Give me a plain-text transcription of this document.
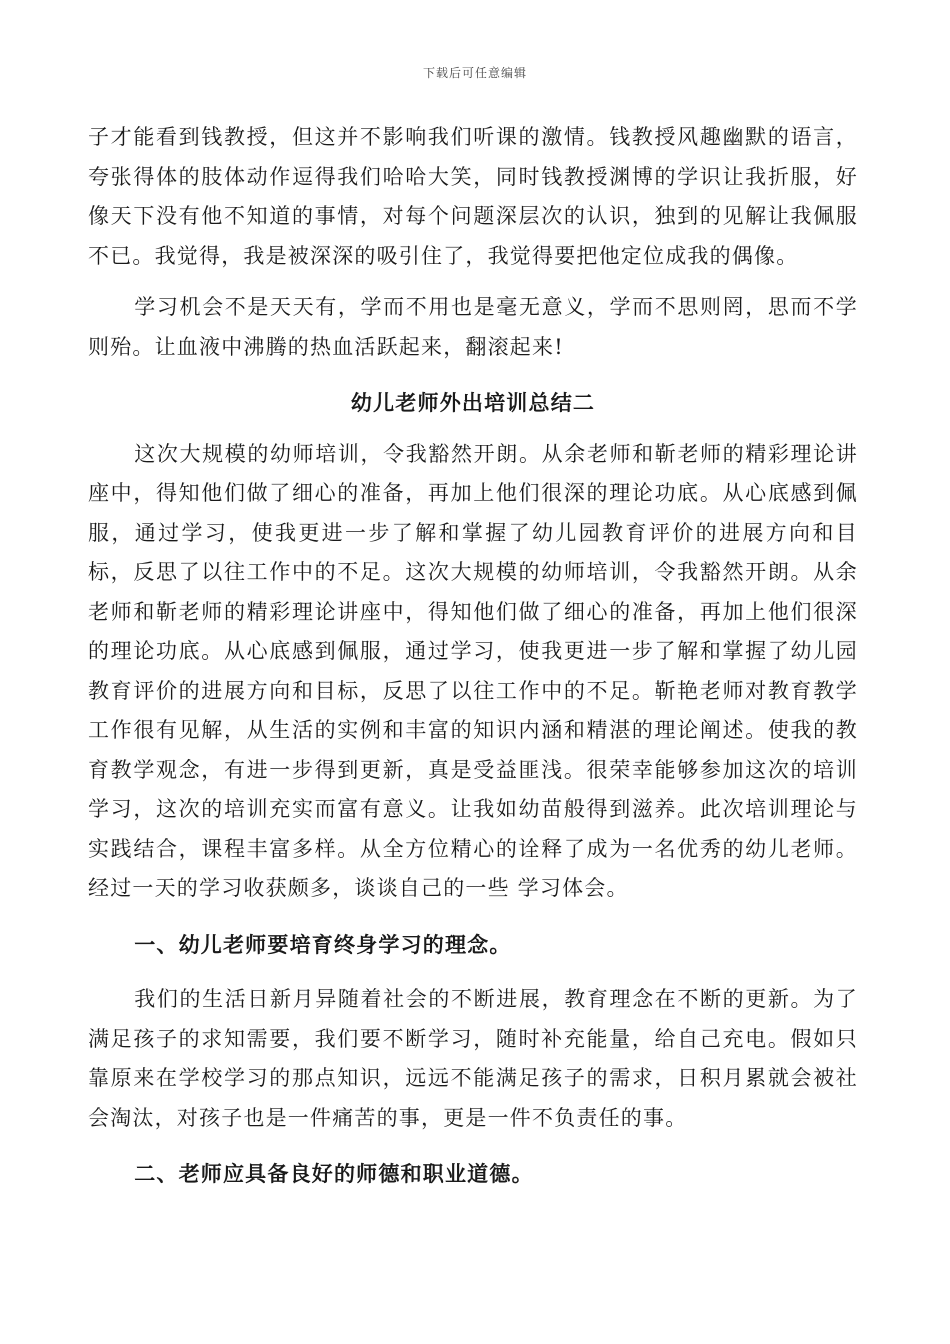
下载后可任意编辑

子才能看到钱教授，但这并不影响我们听课的激情。钱教授风趣幽默的语言，夸张得体的肢体动作逗得我们哈哈大笑，同时钱教授渊博的学识让我折服，好像天下没有他不知道的事情，对每个问题深层次的认识，独到的见解让我佩服不已。我觉得，我是被深深的吸引住了，我觉得要把他定位成我的偶像。

学习机会不是天天有，学而不用也是毫无意义，学而不思则罔，思而不学则殆。让血液中沸腾的热血活跃起来，翻滚起来!

幼儿老师外出培训总结二

这次大规模的幼师培训，令我豁然开朗。从余老师和靳老师的精彩理论讲座中，得知他们做了细心的准备，再加上他们很深的理论功底。从心底感到佩服，通过学习，使我更进一步了解和掌握了幼儿园教育评价的进展方向和目标，反思了以往工作中的不足。这次大规模的幼师培训，令我豁然开朗。从余老师和靳老师的精彩理论讲座中，得知他们做了细心的准备，再加上他们很深的理论功底。从心底感到佩服，通过学习，使我更进一步了解和掌握了幼儿园教育评价的进展方向和目标，反思了以往工作中的不足。靳艳老师对教育教学工作很有见解，从生活的实例和丰富的知识内涵和精湛的理论阐述。使我的教育教学观念，有进一步得到更新，真是受益匪浅。很荣幸能够参加这次的培训学习，这次的培训充实而富有意义。让我如幼苗般得到滋养。此次培训理论与实践结合，课程丰富多样。从全方位精心的诠释了成为一名优秀的幼儿老师。经过一天的学习收获颇多，谈谈自己的一些 学习体会。

一、幼儿老师要培育终身学习的理念。

我们的生活日新月异随着社会的不断进展，教育理念在不断的更新。为了满足孩子的求知需要，我们要不断学习，随时补充能量，给自己充电。假如只靠原来在学校学习的那点知识，远远不能满足孩子的需求，日积月累就会被社会淘汰，对孩子也是一件痛苦的事，更是一件不负责任的事。

二、老师应具备良好的师德和职业道德。
